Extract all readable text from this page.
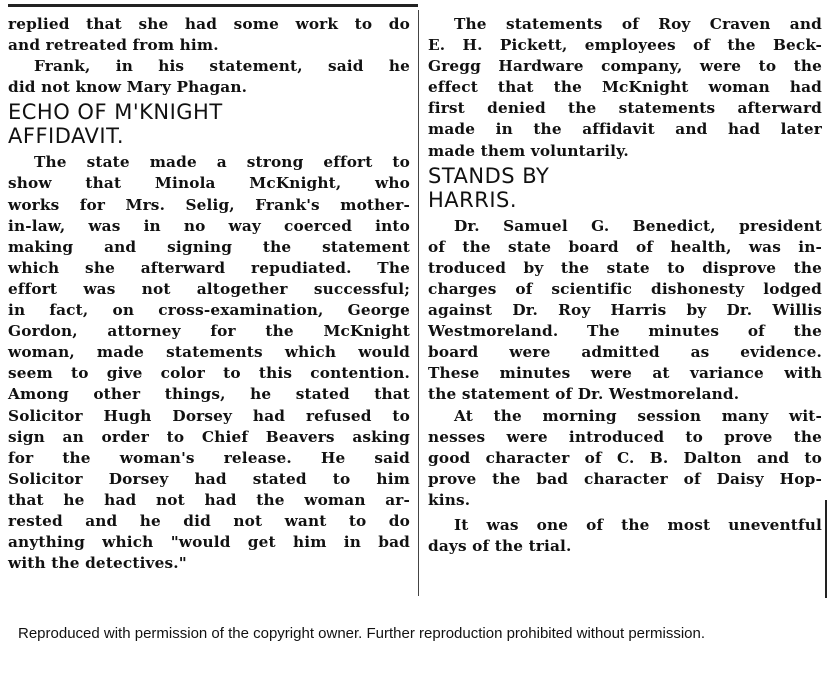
replied that she had some work to do

and retreated from him.

Frank, in his statement, said he

did not know Mary Phagan.

ECHO OF M'KNIGHT
AFFIDAVIT.

The state made a strong effort to

show that Minola McKnight, who

works for Mrs. Selig, Frank's mother-

in-law, was in no way coerced into

making and signing the statement

which she afterward repudiated. The

effort was not altogether successful;

in fact, on cross-examination, George

Gordon, attorney for the McKnight

woman, made statements which would

seem to give color to this contention.

Among other things, he stated that

Solicitor Hugh Dorsey had refused to

sign an order to Chief Beavers asking

for the woman's release. He said

Solicitor Dorsey had stated to him

that he had not had the woman ar-

rested and he did not want to do

anything which "would get him in bad

with the detectives."

The statements of Roy Craven and

E. H. Pickett, employees of the Beck-

Gregg Hardware company, were to the

effect that the McKnight woman had

first denied the statements afterward

made in the affidavit and had later

made them voluntarily.

STANDS BY
HARRIS.

Dr. Samuel G. Benedict, president

of the state board of health, was in-

troduced by the state to disprove the

charges of scientific dishonesty lodged

against Dr. Roy Harris by Dr. Willis

Westmoreland. The minutes of the

board were admitted as evidence.

These minutes were at variance with

the statement of Dr. Westmoreland.

At the morning session many wit-

nesses were introduced to prove the

good character of C. B. Dalton and to

prove the bad character of Daisy Hop-

kins.

It was one of the most uneventful

days of the trial.

Reproduced with permission of the copyright owner. Further reproduction prohibited without permission.
